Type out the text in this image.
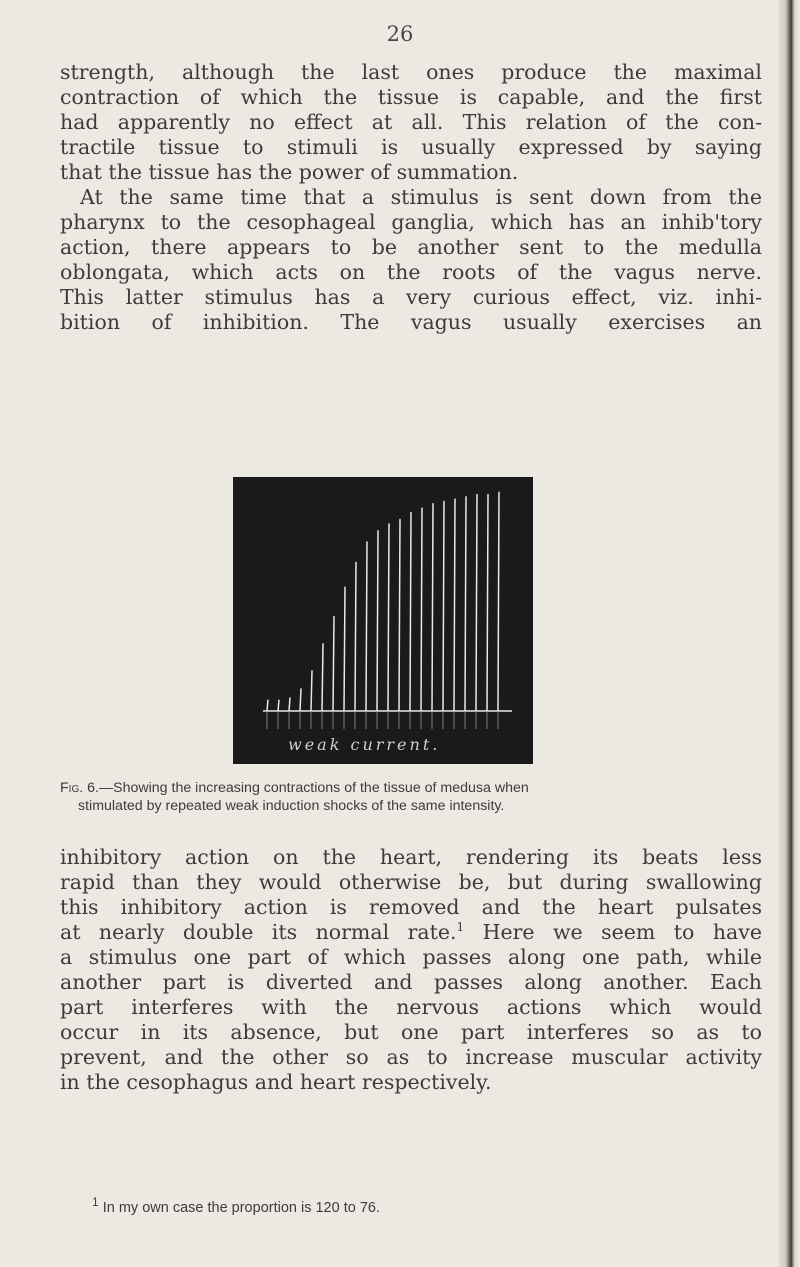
26
strength, although the last ones produce the maximal
contraction of which the tissue is capable, and the first
had apparently no effect at all. This relation of the con-
tractile tissue to stimuli is usually expressed by saying
that the tissue has the power of summation.
At the same time that a stimulus is sent down from the
pharynx to the cesophageal ganglia, which has an inhib'tory
action, there appears to be another sent to the medulla
oblongata, which acts on the roots of the vagus nerve.
This latter stimulus has a very curious effect, viz. inhi-
bition of inhibition. The vagus usually exercises an
weak current.
Fig. 6.—Showing the increasing contractions of the tissue of medusa when
stimulated by repeated weak induction shocks of the same intensity.
inhibitory action on the heart, rendering its beats less
rapid than they would otherwise be, but during swallowing
this inhibitory action is removed and the heart pulsates
at nearly double its normal rate.$^1$ Here we seem to have
a stimulus one part of which passes along one path, while
another part is diverted and passes along another. Each
part interferes with the nervous actions which would
occur in its absence, but one part interferes so as to
prevent, and the other so as to increase muscular activity
in the cesophagus and heart respectively.
$^1$ In my own case the proportion is 120 to 76.
